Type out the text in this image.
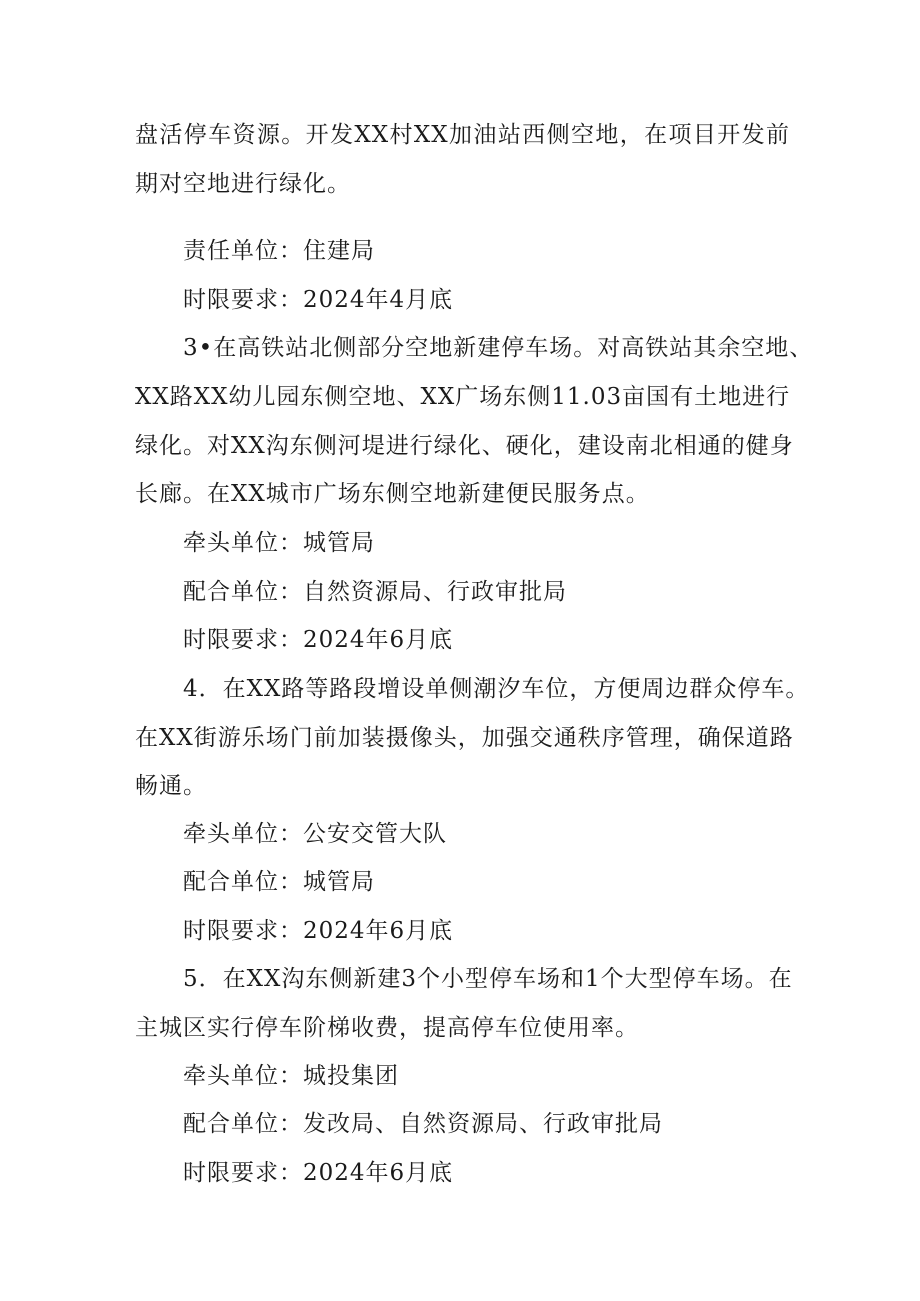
盘活停车资源。开发XX村XX加油站西侧空地，在项目开发前
期对空地进行绿化。
责任单位：住建局
时限要求：2024年4月底
3•在高铁站北侧部分空地新建停车场。对高铁站其余空地、
XX路XX幼儿园东侧空地、XX广场东侧11.03亩国有土地进行
绿化。对XX沟东侧河堤进行绿化、硬化，建设南北相通的健身
长廊。在XX城市广场东侧空地新建便民服务点。
牵头单位：城管局
配合单位：自然资源局、行政审批局
时限要求：2024年6月底
4．在XX路等路段增设单侧潮汐车位，方便周边群众停车。
在XX街游乐场门前加装摄像头，加强交通秩序管理，确保道路
畅通。
牵头单位：公安交管大队
配合单位：城管局
时限要求：2024年6月底
5．在XX沟东侧新建3个小型停车场和1个大型停车场。在
主城区实行停车阶梯收费，提高停车位使用率。
牵头单位：城投集团
配合单位：发改局、自然资源局、行政审批局
时限要求：2024年6月底
